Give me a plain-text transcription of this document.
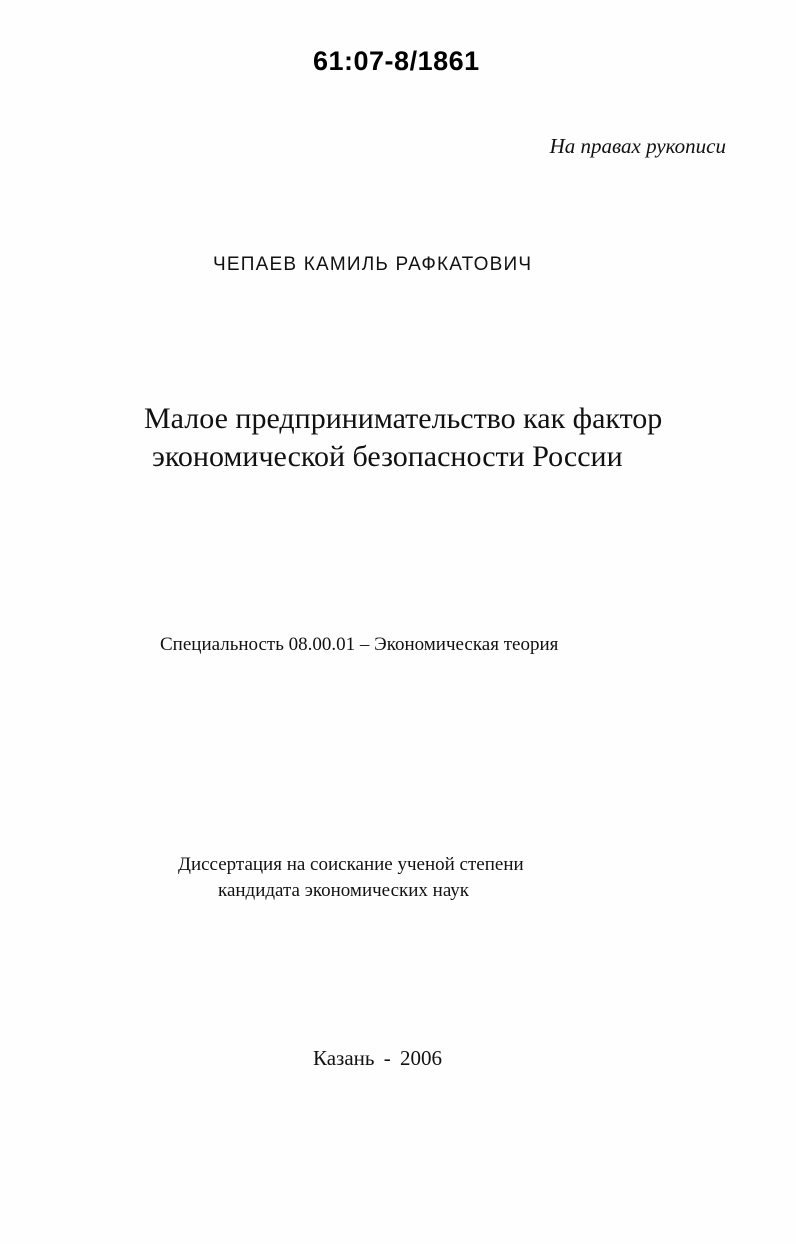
61:07-8/1861
На правах рукописи
ЧЕПАЕВ КАМИЛЬ РАФКАТОВИЧ
Малое предпринимательство как фактор
экономической безопасности России
Специальность 08.00.01 – Экономическая теория
Диссертация на соискание ученой степени
кандидата экономических наук
Казань - 2006
